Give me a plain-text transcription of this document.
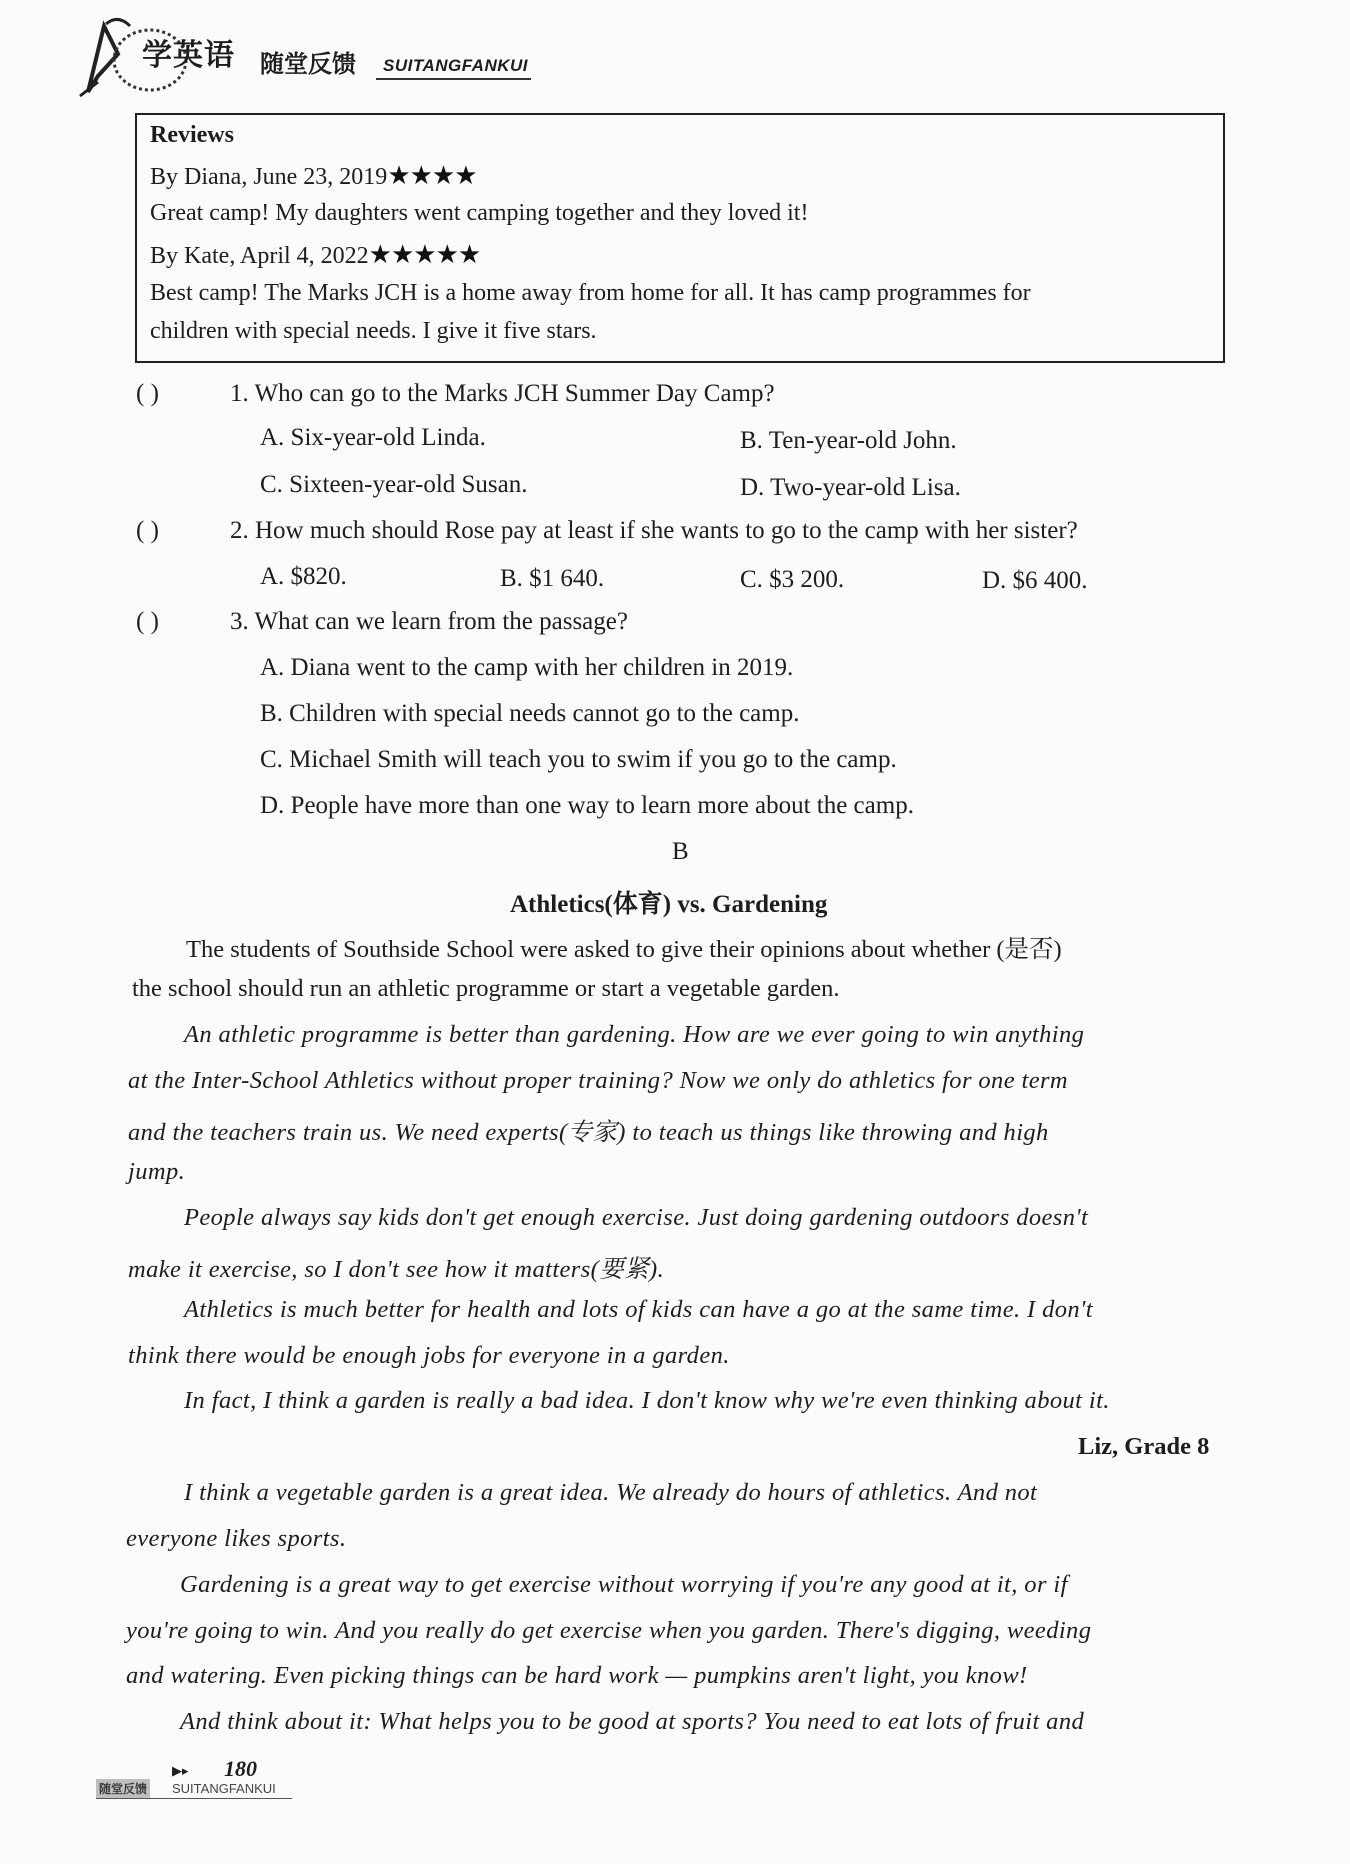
学英语 随堂反馈 SUITANGFANKUI
Reviews
By Diana, June 23, 2019★★★★
Great camp! My daughters went camping together and they loved it!
By Kate, April 4, 2022★★★★★
Best camp! The Marks JCH is a home away from home for all. It has camp programmes for
children with special needs. I give it five stars.
( )	1. Who can go to the Marks JCH Summer Day Camp?
A. Six-year-old Linda.	B. Ten-year-old John.
C. Sixteen-year-old Susan.	D. Two-year-old Lisa.
( )	2. How much should Rose pay at least if she wants to go to the camp with her sister?
A. $820.	B. $1 640.	C. $3 200.	D. $6 400.
( )	3. What can we learn from the passage?
A. Diana went to the camp with her children in 2019.
B. Children with special needs cannot go to the camp.
C. Michael Smith will teach you to swim if you go to the camp.
D. People have more than one way to learn more about the camp.
B
Athletics(体育) vs. Gardening
The students of Southside School were asked to give their opinions about whether (是否)
the school should run an athletic programme or start a vegetable garden.
An athletic programme is better than gardening. How are we ever going to win anything
at the Inter-School Athletics without proper training? Now we only do athletics for one term
and the teachers train us. We need experts(专家) to teach us things like throwing and high
jump.
People always say kids don't get enough exercise. Just doing gardening outdoors doesn't
make it exercise, so I don't see how it matters(要紧).
Athletics is much better for health and lots of kids can have a go at the same time. I don't
think there would be enough jobs for everyone in a garden.
In fact, I think a garden is really a bad idea. I don't know why we're even thinking about it.
Liz, Grade 8
I think a vegetable garden is a great idea. We already do hours of athletics. And not
everyone likes sports.
Gardening is a great way to get exercise without worrying if you're any good at it, or if
you're going to win. And you really do get exercise when you garden. There's digging, weeding
and watering. Even picking things can be hard work — pumpkins aren't light, you know!
And think about it: What helps you to be good at sports? You need to eat lots of fruit and
▶▸ 180
随堂反馈 SUITANGFANKUI
